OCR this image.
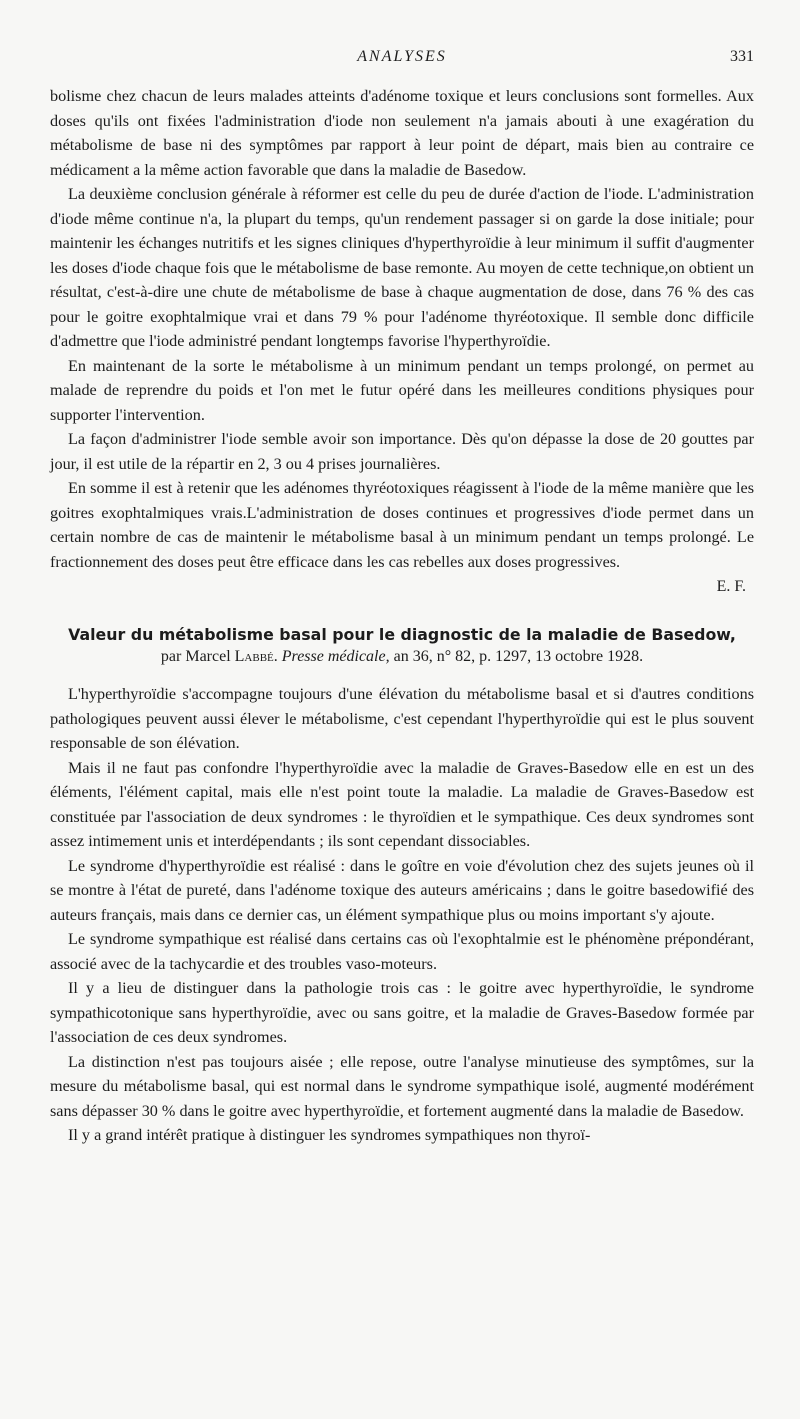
ANALYSES	331

bolisme chez chacun de leurs malades atteints d'adénome toxique et leurs conclusions sont formelles. Aux doses qu'ils ont fixées l'administration d'iode non seulement n'a jamais abouti à une exagération du métabolisme de base ni des symptômes par rapport à leur point de départ, mais bien au contraire ce médicament a la même action favorable que dans la maladie de Basedow.

La deuxième conclusion générale à réformer est celle du peu de durée d'action de l'iode. L'administration d'iode même continue n'a, la plupart du temps, qu'un rendement passager si on garde la dose initiale; pour maintenir les échanges nutritifs et les signes cliniques d'hyperthyroïdie à leur minimum il suffit d'augmenter les doses d'iode chaque fois que le métabolisme de base remonte. Au moyen de cette technique,on obtient un résultat, c'est-à-dire une chute de métabolisme de base à chaque augmentation de dose, dans 76 % des cas pour le goitre exophtalmique vrai et dans 79 % pour l'adénome thyréotoxique. Il semble donc difficile d'admettre que l'iode administré pendant longtemps favorise l'hyperthyroïdie.

En maintenant de la sorte le métabolisme à un minimum pendant un temps prolongé, on permet au malade de reprendre du poids et l'on met le futur opéré dans les meilleures conditions physiques pour supporter l'intervention.

La façon d'administrer l'iode semble avoir son importance. Dès qu'on dépasse la dose de 20 gouttes par jour, il est utile de la répartir en 2, 3 ou 4 prises journalières.

En somme il est à retenir que les adénomes thyréotoxiques réagissent à l'iode de la même manière que les goitres exophtalmiques vrais.L'administration de doses continues et progressives d'iode permet dans un certain nombre de cas de maintenir le métabolisme basal à un minimum pendant un temps prolongé. Le fractionnement des doses peut être efficace dans les cas rebelles aux doses progressives.

E. F.
Valeur du métabolisme basal pour le diagnostic de la maladie de Basedow,
par Marcel Labbé. Presse médicale, an 36, n° 82, p. 1297, 13 octobre 1928.

L'hyperthyroïdie s'accompagne toujours d'une élévation du métabolisme basal et si d'autres conditions pathologiques peuvent aussi élever le métabolisme, c'est cependant l'hyperthyroïdie qui est le plus souvent responsable de son élévation.

Mais il ne faut pas confondre l'hyperthyroïdie avec la maladie de Graves-Basedow elle en est un des éléments, l'élément capital, mais elle n'est point toute la maladie. La maladie de Graves-Basedow est constituée par l'association de deux syndromes : le thyroïdien et le sympathique. Ces deux syndromes sont assez intimement unis et interdépendants ; ils sont cependant dissociables.

Le syndrome d'hyperthyroïdie est réalisé : dans le goître en voie d'évolution chez des sujets jeunes où il se montre à l'état de pureté, dans l'adénome toxique des auteurs américains ; dans le goitre basedowifié des auteurs français, mais dans ce dernier cas, un élément sympathique plus ou moins important s'y ajoute.

Le syndrome sympathique est réalisé dans certains cas où l'exophtalmie est le phénomène prépondérant, associé avec de la tachycardie et des troubles vaso-moteurs.

Il y a lieu de distinguer dans la pathologie trois cas : le goitre avec hyperthyroïdie, le syndrome sympathicotonique sans hyperthyroïdie, avec ou sans goitre, et la maladie de Graves-Basedow formée par l'association de ces deux syndromes.

La distinction n'est pas toujours aisée ; elle repose, outre l'analyse minutieuse des symptômes, sur la mesure du métabolisme basal, qui est normal dans le syndrome sympathique isolé, augmenté modérément sans dépasser 30 % dans le goitre avec hyperthyroïdie, et fortement augmenté dans la maladie de Basedow.

Il y a grand intérêt pratique à distinguer les syndromes sympathiques non thyroï-
